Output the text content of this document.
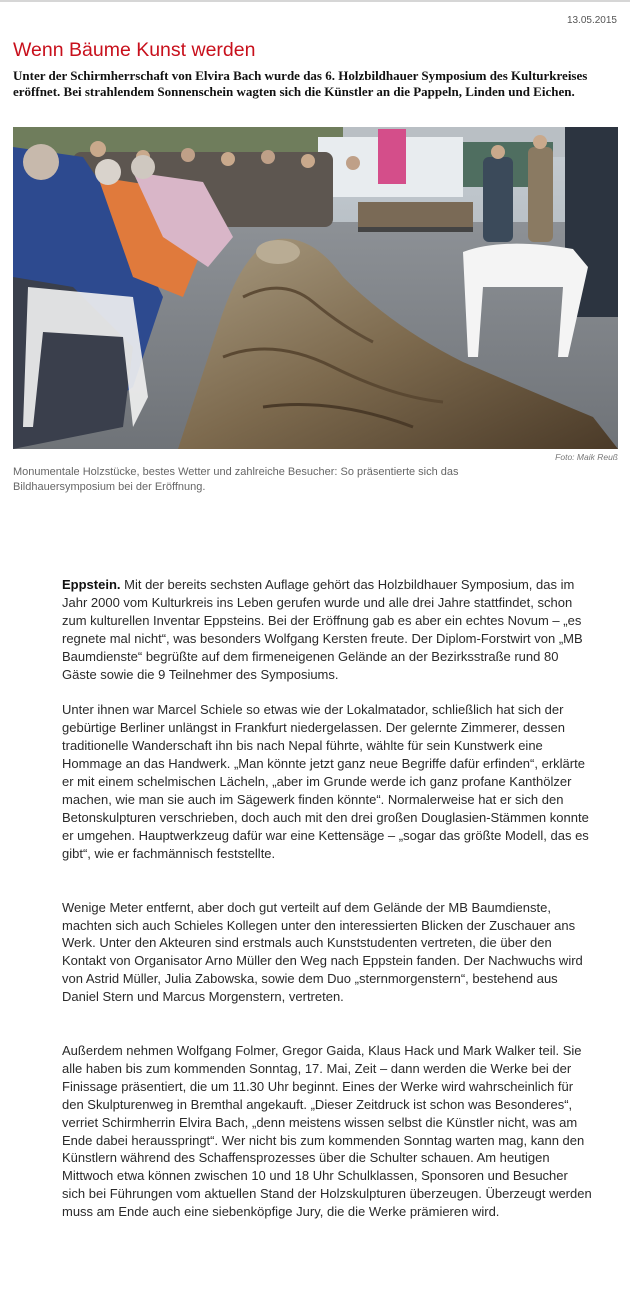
13.05.2015
Wenn Bäume Kunst werden

Unter der Schirmherrschaft von Elvira Bach wurde das 6. Holzbildhauer Symposium des Kulturkreises eröffnet. Bei strahlendem Sonnenschein wagten sich die Künstler an die Pappeln, Linden und Eichen.

Foto: Maik Reuß

Monumentale Holzstücke, bestes Wetter und zahlreiche Besucher: So präsentierte sich das Bildhauersymposium bei der Eröffnung.

Eppstein. Mit der bereits sechsten Auflage gehört das Holzbildhauer Symposium, das im Jahr 2000 vom Kulturkreis ins Leben gerufen wurde und alle drei Jahre stattfindet, schon zum kulturellen Inventar Eppsteins. Bei der Eröffnung gab es aber ein echtes Novum – „es regnete mal nicht“, was besonders Wolfgang Kersten freute. Der Diplom-Forstwirt von „MB Baumdienste“ begrüßte auf dem firmeneigenen Gelände an der Bezirksstraße rund 80 Gäste sowie die 9 Teilnehmer des Symposiums.

Unter ihnen war Marcel Schiele so etwas wie der Lokalmatador, schließlich hat sich der gebürtige Berliner unlängst in Frankfurt niedergelassen. Der gelernte Zimmerer, dessen traditionelle Wanderschaft ihn bis nach Nepal führte, wählte für sein Kunstwerk eine Hommage an das Handwerk. „Man könnte jetzt ganz neue Begriffe dafür erfinden“, erklärte er mit einem schelmischen Lächeln, „aber im Grunde werde ich ganz profane Kanthölzer machen, wie man sie auch im Sägewerk finden könnte“. Normalerweise hat er sich den Betonskulpturen verschrieben, doch auch mit den drei großen Douglasien-Stämmen konnte er umgehen. Hauptwerkzeug dafür war eine Kettensäge – „sogar das größte Modell, das es gibt“, wie er fachmännisch feststellte.

Wenige Meter entfernt, aber doch gut verteilt auf dem Gelände der MB Baumdienste, machten sich auch Schieles Kollegen unter den interessierten Blicken der Zuschauer ans Werk. Unter den Akteuren sind erstmals auch Kunststudenten vertreten, die über den Kontakt von Organisator Arno Müller den Weg nach Eppstein fanden. Der Nachwuchs wird von Astrid Müller, Julia Zabowska, sowie dem Duo „sternmorgenstern“, bestehend aus Daniel Stern und Marcus Morgenstern, vertreten.

Außerdem nehmen Wolfgang Folmer, Gregor Gaida, Klaus Hack und Mark Walker teil. Sie alle haben bis zum kommenden Sonntag, 17. Mai, Zeit – dann werden die Werke bei der Finissage präsentiert, die um 11.30 Uhr beginnt. Eines der Werke wird wahrscheinlich für den Skulpturenweg in Bremthal angekauft. „Dieser Zeitdruck ist schon was Besonderes“, verriet Schirmherrin Elvira Bach, „denn meistens wissen selbst die Künstler nicht, was am Ende dabei herausspringt“. Wer nicht bis zum kommenden Sonntag warten mag, kann den Künstlern während des Schaffensprozesses über die Schulter schauen. Am heutigen Mittwoch etwa können zwischen 10 und 18 Uhr Schulklassen, Sponsoren und Besucher sich bei Führungen vom aktuellen Stand der Holzskulpturen überzeugen. Überzeugt werden muss am Ende auch eine siebenköpfige Jury, die die Werke prämieren wird.
